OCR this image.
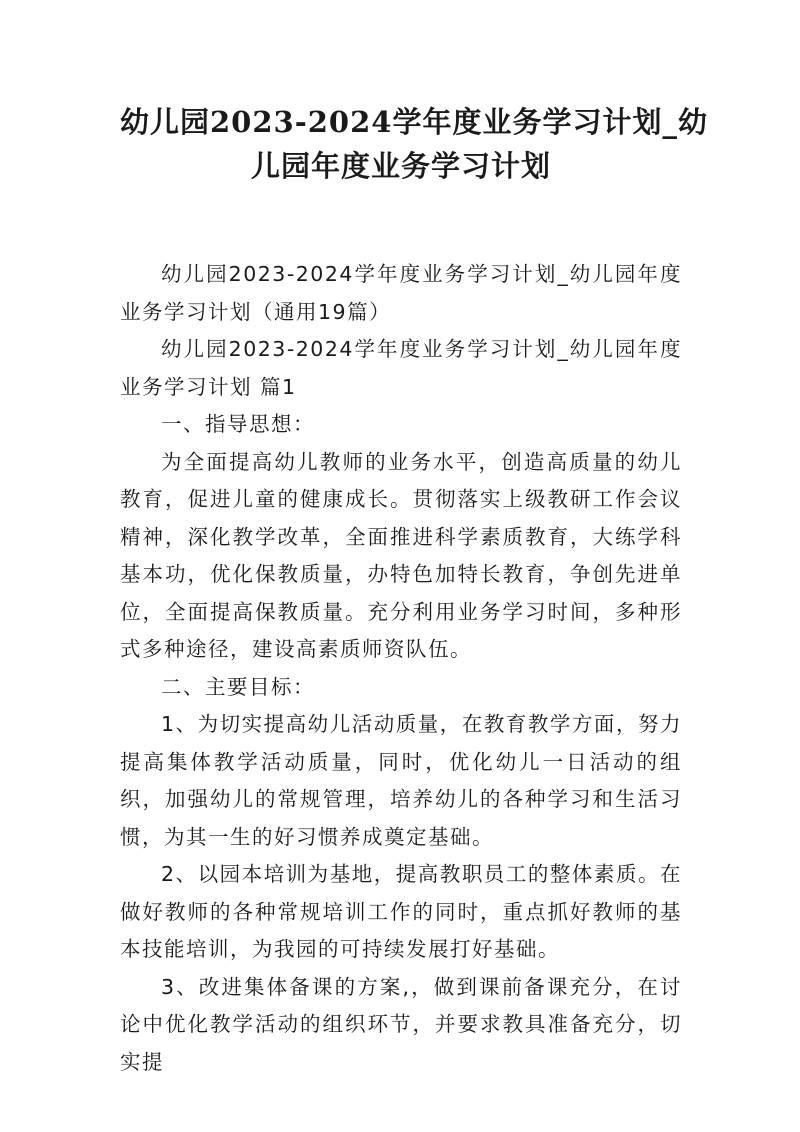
幼儿园2023-2024学年度业务学习计划_幼
儿园年度业务学习计划

幼儿园2023-2024学年度业务学习计划_幼儿园年度业务学习计划（通用19篇）

幼儿园2023-2024学年度业务学习计划_幼儿园年度业务学习计划 篇1

一、指导思想：

为全面提高幼儿教师的业务水平，创造高质量的幼儿教育，促进儿童的健康成长。贯彻落实上级教研工作会议精神，深化教学改革，全面推进科学素质教育，大练学科基本功，优化保教质量，办特色加特长教育，争创先进单位，全面提高保教质量。充分利用业务学习时间，多种形式多种途径，建设高素质师资队伍。

二、主要目标：

1、为切实提高幼儿活动质量，在教育教学方面，努力提高集体教学活动质量，同时，优化幼儿一日活动的组织，加强幼儿的常规管理，培养幼儿的各种学习和生活习惯，为其一生的好习惯养成奠定基础。

2、以园本培训为基地，提高教职员工的整体素质。在做好教师的各种常规培训工作的同时，重点抓好教师的基本技能培训，为我园的可持续发展打好基础。

3、改进集体备课的方案,，做到课前备课充分，在讨论中优化教学活动的组织环节，并要求教具准备充分，切实提
